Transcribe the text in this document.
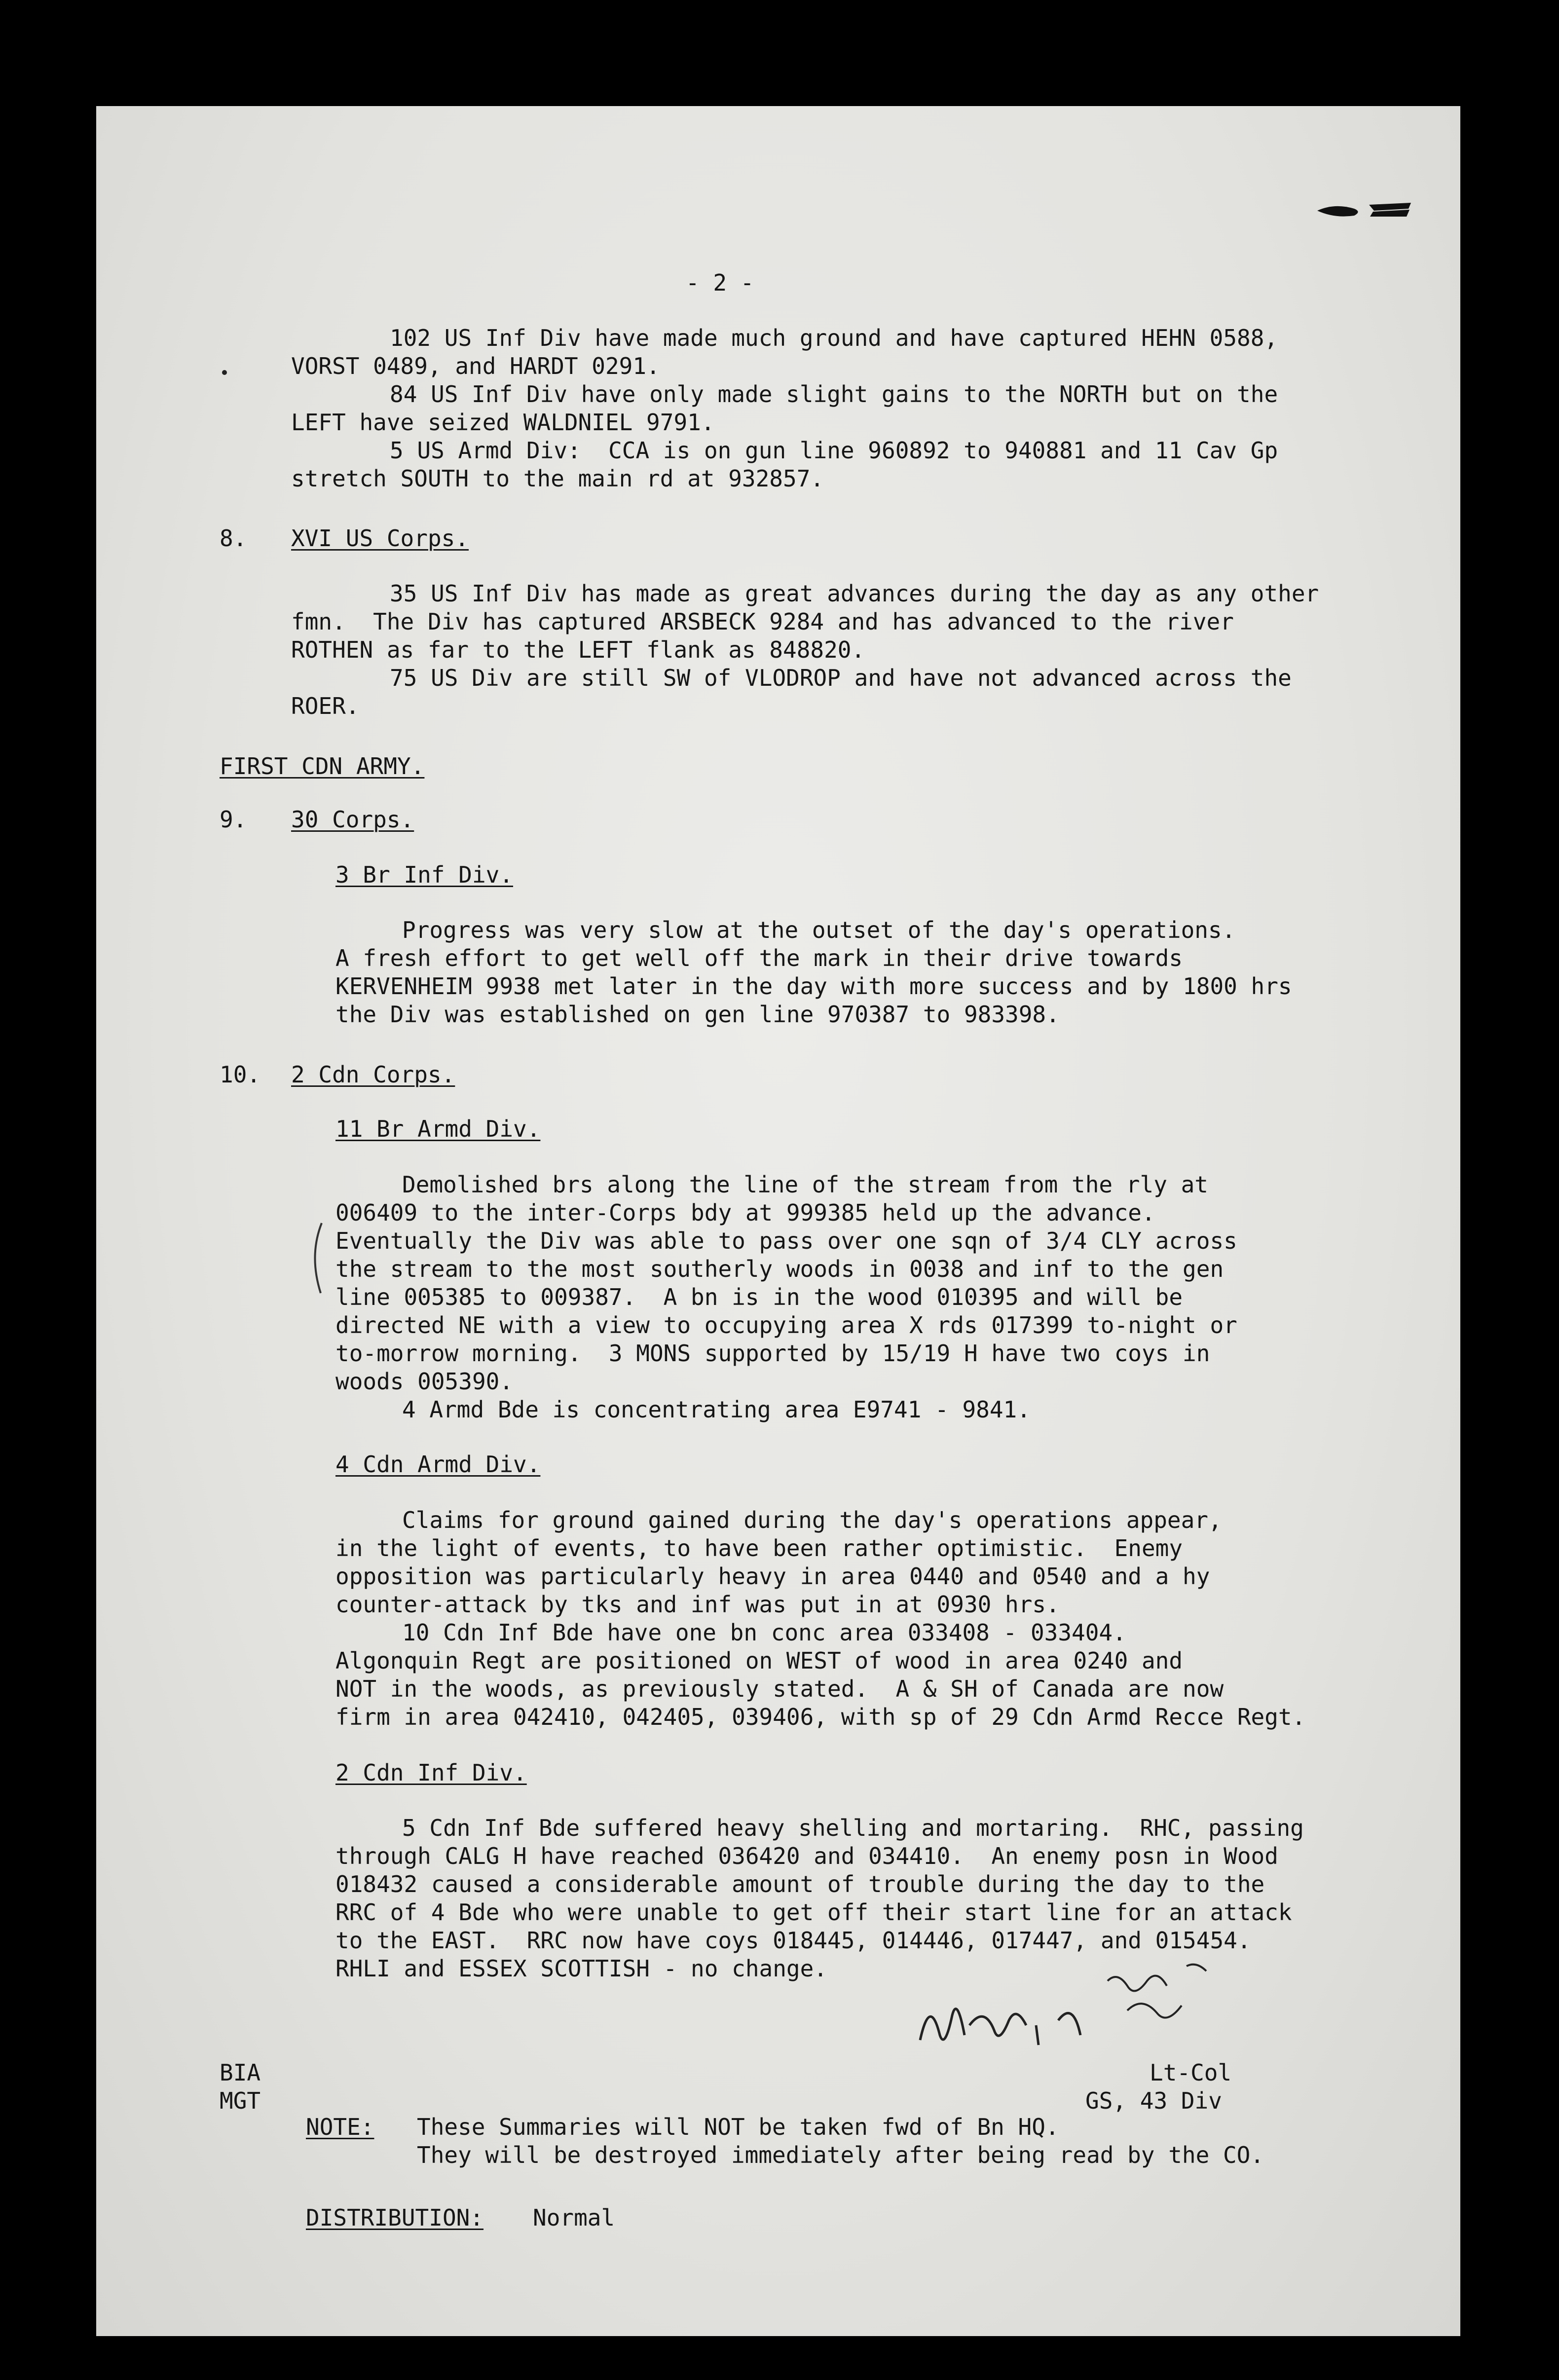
- 2 -
102 US Inf Div have made much ground and have captured HEHN 0588,
VORST 0489, and HARDT 0291.
84 US Inf Div have only made slight gains to the NORTH but on the
LEFT have seized WALDNIEL 9791.
5 US Armd Div:  CCA is on gun line 960892 to 940881 and 11 Cav Gp
stretch SOUTH to the main rd at 932857.
8. XVI US Corps.
35 US Inf Div has made as great advances during the day as any other
fmn.  The Div has captured ARSBECK 9284 and has advanced to the river
ROTHEN as far to the LEFT flank as 848820.
75 US Div are still SW of VLODROP and have not advanced across the
ROER.
FIRST CDN ARMY.
9. 30 Corps.
3 Br Inf Div.
Progress was very slow at the outset of the day's operations.
A fresh effort to get well off the mark in their drive towards
KERVENHEIM 9938 met later in the day with more success and by 1800 hrs
the Div was established on gen line 970387 to 983398.
10. 2 Cdn Corps.
11 Br Armd Div.
Demolished brs along the line of the stream from the rly at
006409 to the inter-Corps bdy at 999385 held up the advance.
Eventually the Div was able to pass over one sqn of 3/4 CLY across
the stream to the most southerly woods in 0038 and inf to the gen
line 005385 to 009387.  A bn is in the wood 010395 and will be
directed NE with a view to occupying area X rds 017399 to-night or
to-morrow morning.  3 MONS supported by 15/19 H have two coys in
woods 005390.
4 Armd Bde is concentrating area E9741 - 9841.
4 Cdn Armd Div.
Claims for ground gained during the day's operations appear,
in the light of events, to have been rather optimistic.  Enemy
opposition was particularly heavy in area 0440 and 0540 and a hy
counter-attack by tks and inf was put in at 0930 hrs.
10 Cdn Inf Bde have one bn conc area 033408 - 033404.
Algonquin Regt are positioned on WEST of wood in area 0240 and
NOT in the woods, as previously stated.  A & SH of Canada are now
firm in area 042410, 042405, 039406, with sp of 29 Cdn Armd Recce Regt.
2 Cdn Inf Div.
5 Cdn Inf Bde suffered heavy shelling and mortaring.  RHC, passing
through CALG H have reached 036420 and 034410.  An enemy posn in Wood
018432 caused a considerable amount of trouble during the day to the
RRC of 4 Bde who were unable to get off their start line for an attack
to the EAST.  RRC now have coys 018445, 014446, 017447, and 015454.
RHLI and ESSEX SCOTTISH - no change.
Lt-Col
GS, 43 Div
BIA
MGT
NOTE: These Summaries will NOT be taken fwd of Bn HQ.
They will be destroyed immediately after being read by the CO.
DISTRIBUTION: Normal
